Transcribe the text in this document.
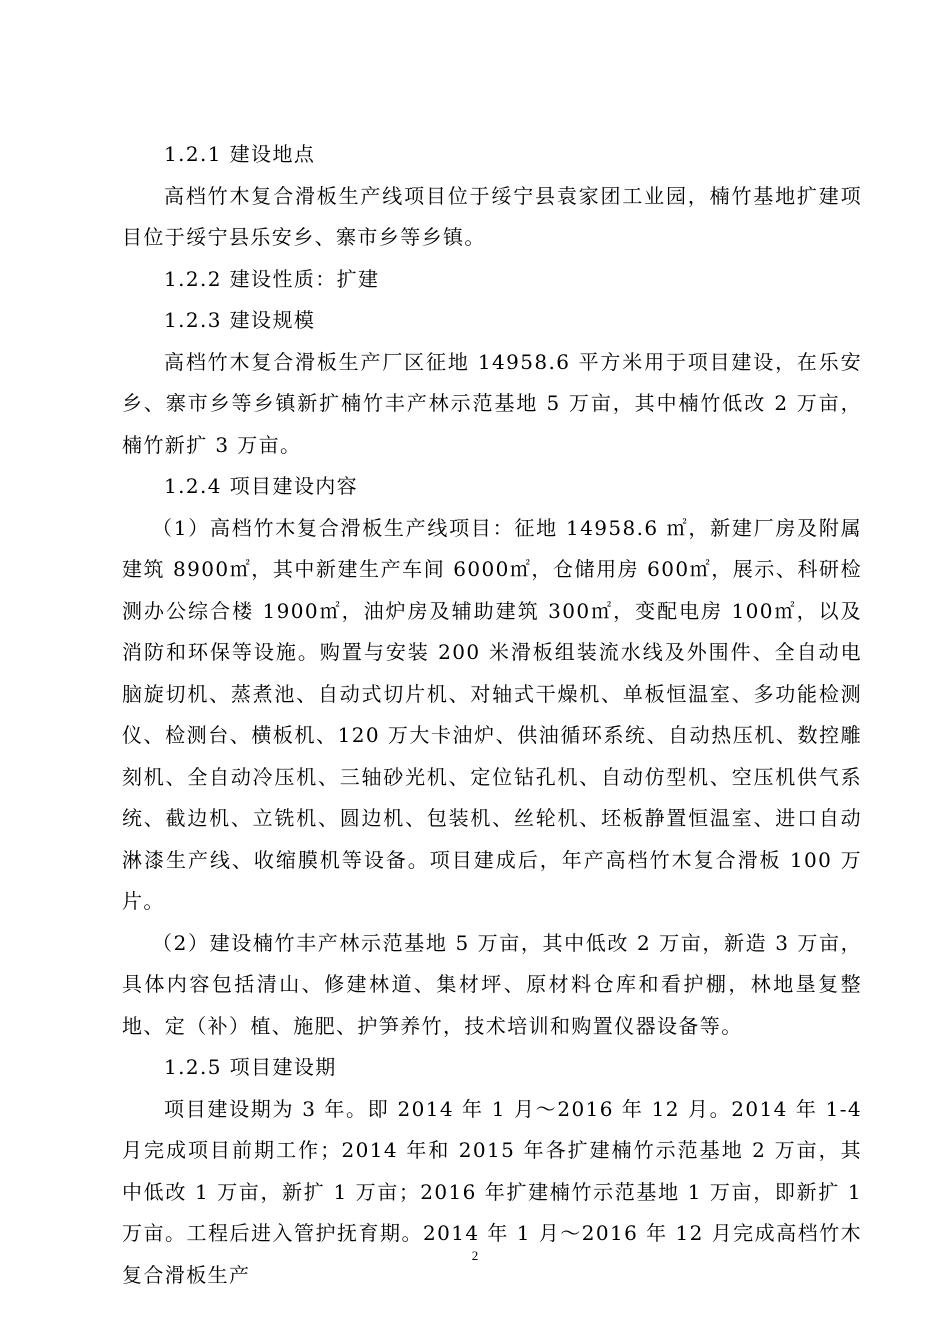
1.2.1 建设地点

高档竹木复合滑板生产线项目位于绥宁县袁家团工业园，楠竹基地扩建项目位于绥宁县乐安乡、寨市乡等乡镇。

1.2.2 建设性质：扩建

1.2.3 建设规模

高档竹木复合滑板生产厂区征地 14958.6 平方米用于项目建设，在乐安乡、寨市乡等乡镇新扩楠竹丰产林示范基地 5 万亩，其中楠竹低改 2 万亩，楠竹新扩 3 万亩。

1.2.4 项目建设内容

（1）高档竹木复合滑板生产线项目：征地 14958.6 ㎡，新建厂房及附属建筑 8900㎡，其中新建生产车间 6000㎡，仓储用房 600㎡，展示、科研检测办公综合楼 1900㎡，油炉房及辅助建筑 300㎡，变配电房 100㎡，以及消防和环保等设施。购置与安装 200 米滑板组装流水线及外围件、全自动电脑旋切机、蒸煮池、自动式切片机、对轴式干燥机、单板恒温室、多功能检测仪、检测台、横板机、120 万大卡油炉、供油循环系统、自动热压机、数控雕刻机、全自动冷压机、三轴砂光机、定位钻孔机、自动仿型机、空压机供气系统、截边机、立铣机、圆边机、包装机、丝轮机、坯板静置恒温室、进口自动淋漆生产线、收缩膜机等设备。项目建成后，年产高档竹木复合滑板 100 万片。

（2）建设楠竹丰产林示范基地 5 万亩，其中低改 2 万亩，新造 3 万亩，具体内容包括清山、修建林道、集材坪、原材料仓库和看护棚，林地垦复整地、定（补）植、施肥、护笋养竹，技术培训和购置仪器设备等。

1.2.5 项目建设期

项目建设期为 3 年。即 2014 年 1 月～2016 年 12 月。2014 年 1-4 月完成项目前期工作；2014 年和 2015 年各扩建楠竹示范基地 2 万亩，其中低改 1 万亩，新扩 1 万亩；2016 年扩建楠竹示范基地 1 万亩，即新扩 1 万亩。工程后进入管护抚育期。2014 年 1 月～2016 年 12 月完成高档竹木复合滑板生产

2
